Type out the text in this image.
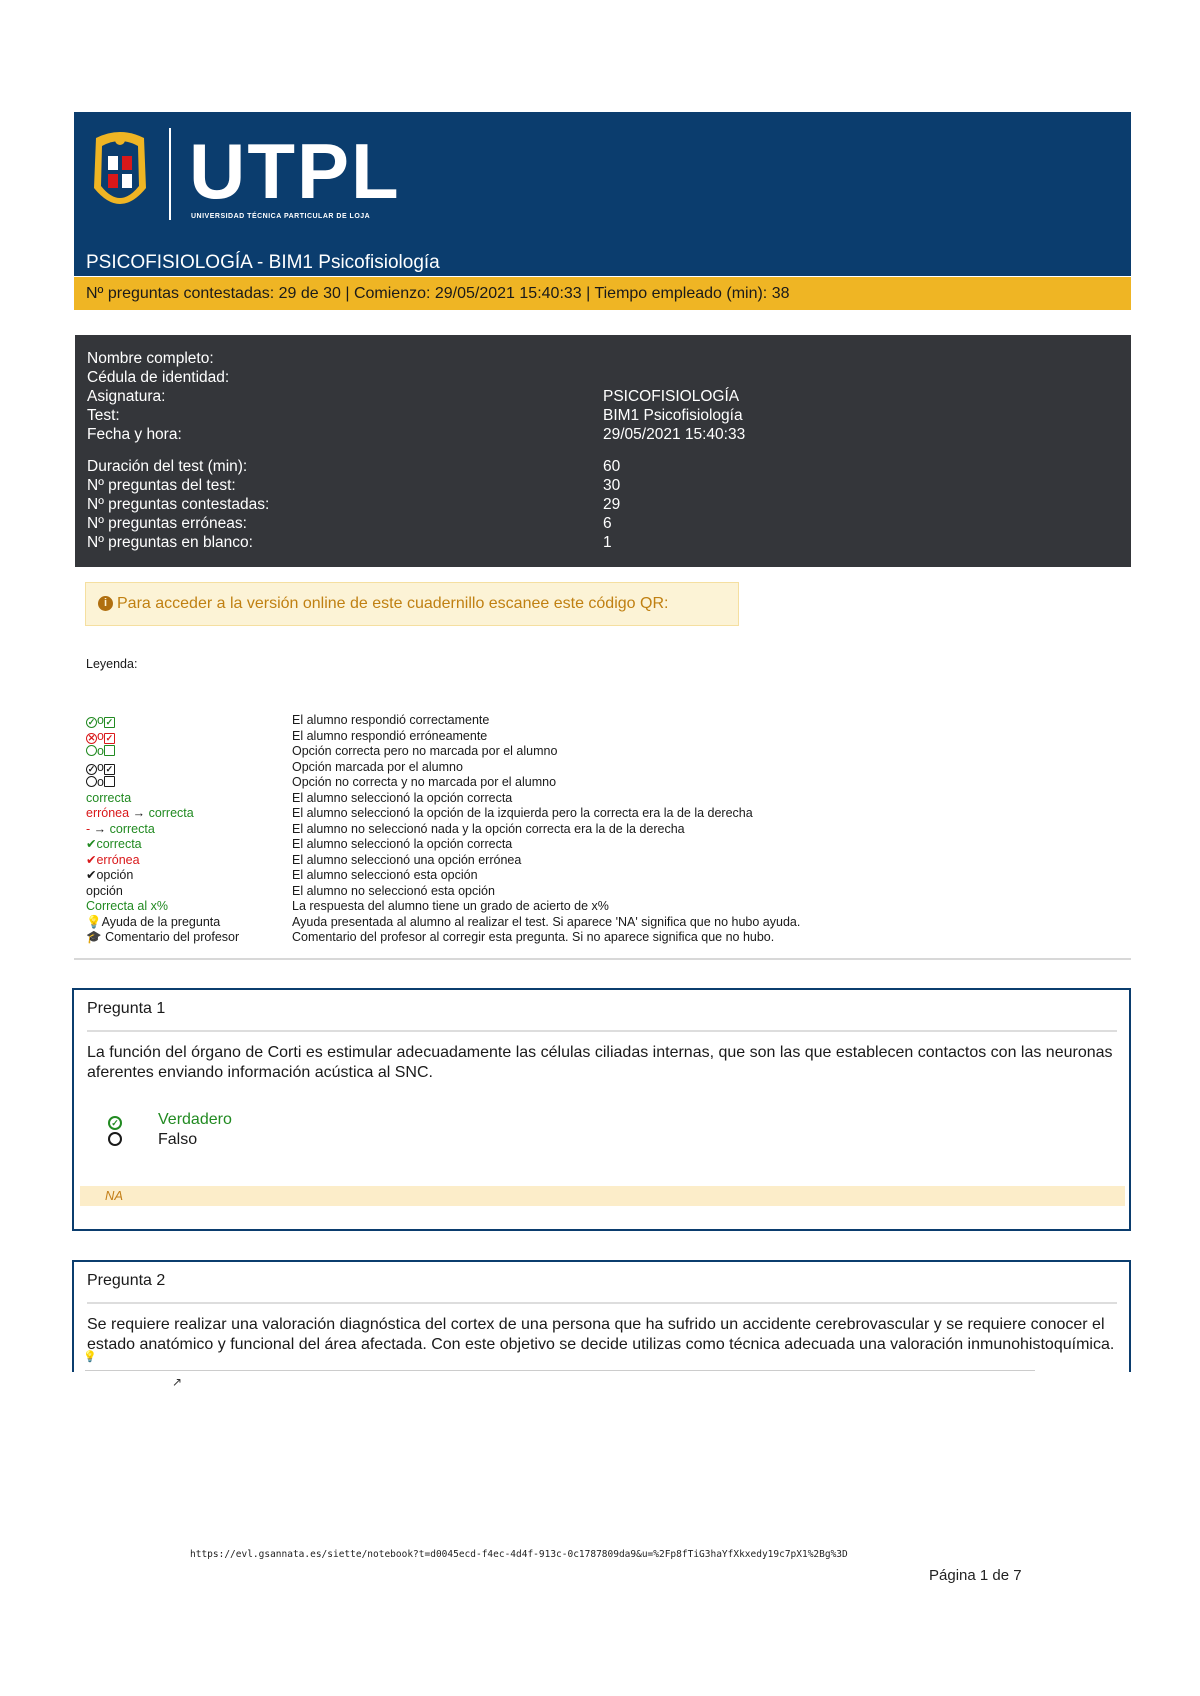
UTPL
UNIVERSIDAD TÉCNICA PARTICULAR DE LOJA
PSICOFISIOLOGÍA - BIM1 Psicofisiología
Nº preguntas contestadas: 29 de 30 | Comienzo: 29/05/2021 15:40:33 | Tiempo empleado (min): 38
Nombre completo:
Cédula de identidad:
Asignatura:	PSICOFISIOLOGÍA
Test:	BIM1 Psicofisiología
Fecha y hora:	29/05/2021 15:40:33
Duración del test (min):	60
Nº preguntas del test:	30
Nº preguntas contestadas:	29
Nº preguntas erróneas:	6
Nº preguntas en blanco:	1
i Para acceder a la versión online de este cuadernillo escanee este código QR:
Leyenda:
✓ o ✓	El alumno respondió correctamente
✕ o ✓	El alumno respondió erróneamente
o	Opción correcta pero no marcada por el alumno
✓ o ✓	Opción marcada por el alumno
o	Opción no correcta y no marcada por el alumno
correcta	El alumno seleccionó la opción correcta
errónea → correcta	El alumno seleccionó la opción de la izquierda pero la correcta era la de la derecha
- → correcta	El alumno no seleccionó nada y la opción correcta era la de la derecha
✔correcta	El alumno seleccionó la opción correcta
✔errónea	El alumno seleccionó una opción errónea
✔opción	El alumno seleccionó esta opción
opción	El alumno no seleccionó esta opción
Correcta al x%	La respuesta del alumno tiene un grado de acierto de x%
💡Ayuda de la pregunta	Ayuda presentada al alumno al realizar el test. Si aparece 'NA' significa que no hubo ayuda.
🎓 Comentario del profesor	Comentario del profesor al corregir esta pregunta. Si no aparece significa que no hubo.
Pregunta 1
La función del órgano de Corti es estimular adecuadamente las células ciliadas internas, que son las que establecen contactos con las neuronas aferentes enviando información acústica al SNC.
✓ Verdadero
Falso
NA
Pregunta 2
Se requiere realizar una valoración diagnóstica del cortex de una persona que ha sufrido un accidente cerebrovascular y se requiere conocer el estado anatómico y funcional del área afectada. Con este objetivo se decide utilizas como técnica adecuada una valoración inmunohistoquímica.
💡
↗
https://evl.gsannata.es/siette/notebook?t=d0045ecd-f4ec-4d4f-913c-0c1787809da9&u=%2Fp8fTiG3haYfXkxedy19c7pX1%2Bg%3D
Página 1 de 7
